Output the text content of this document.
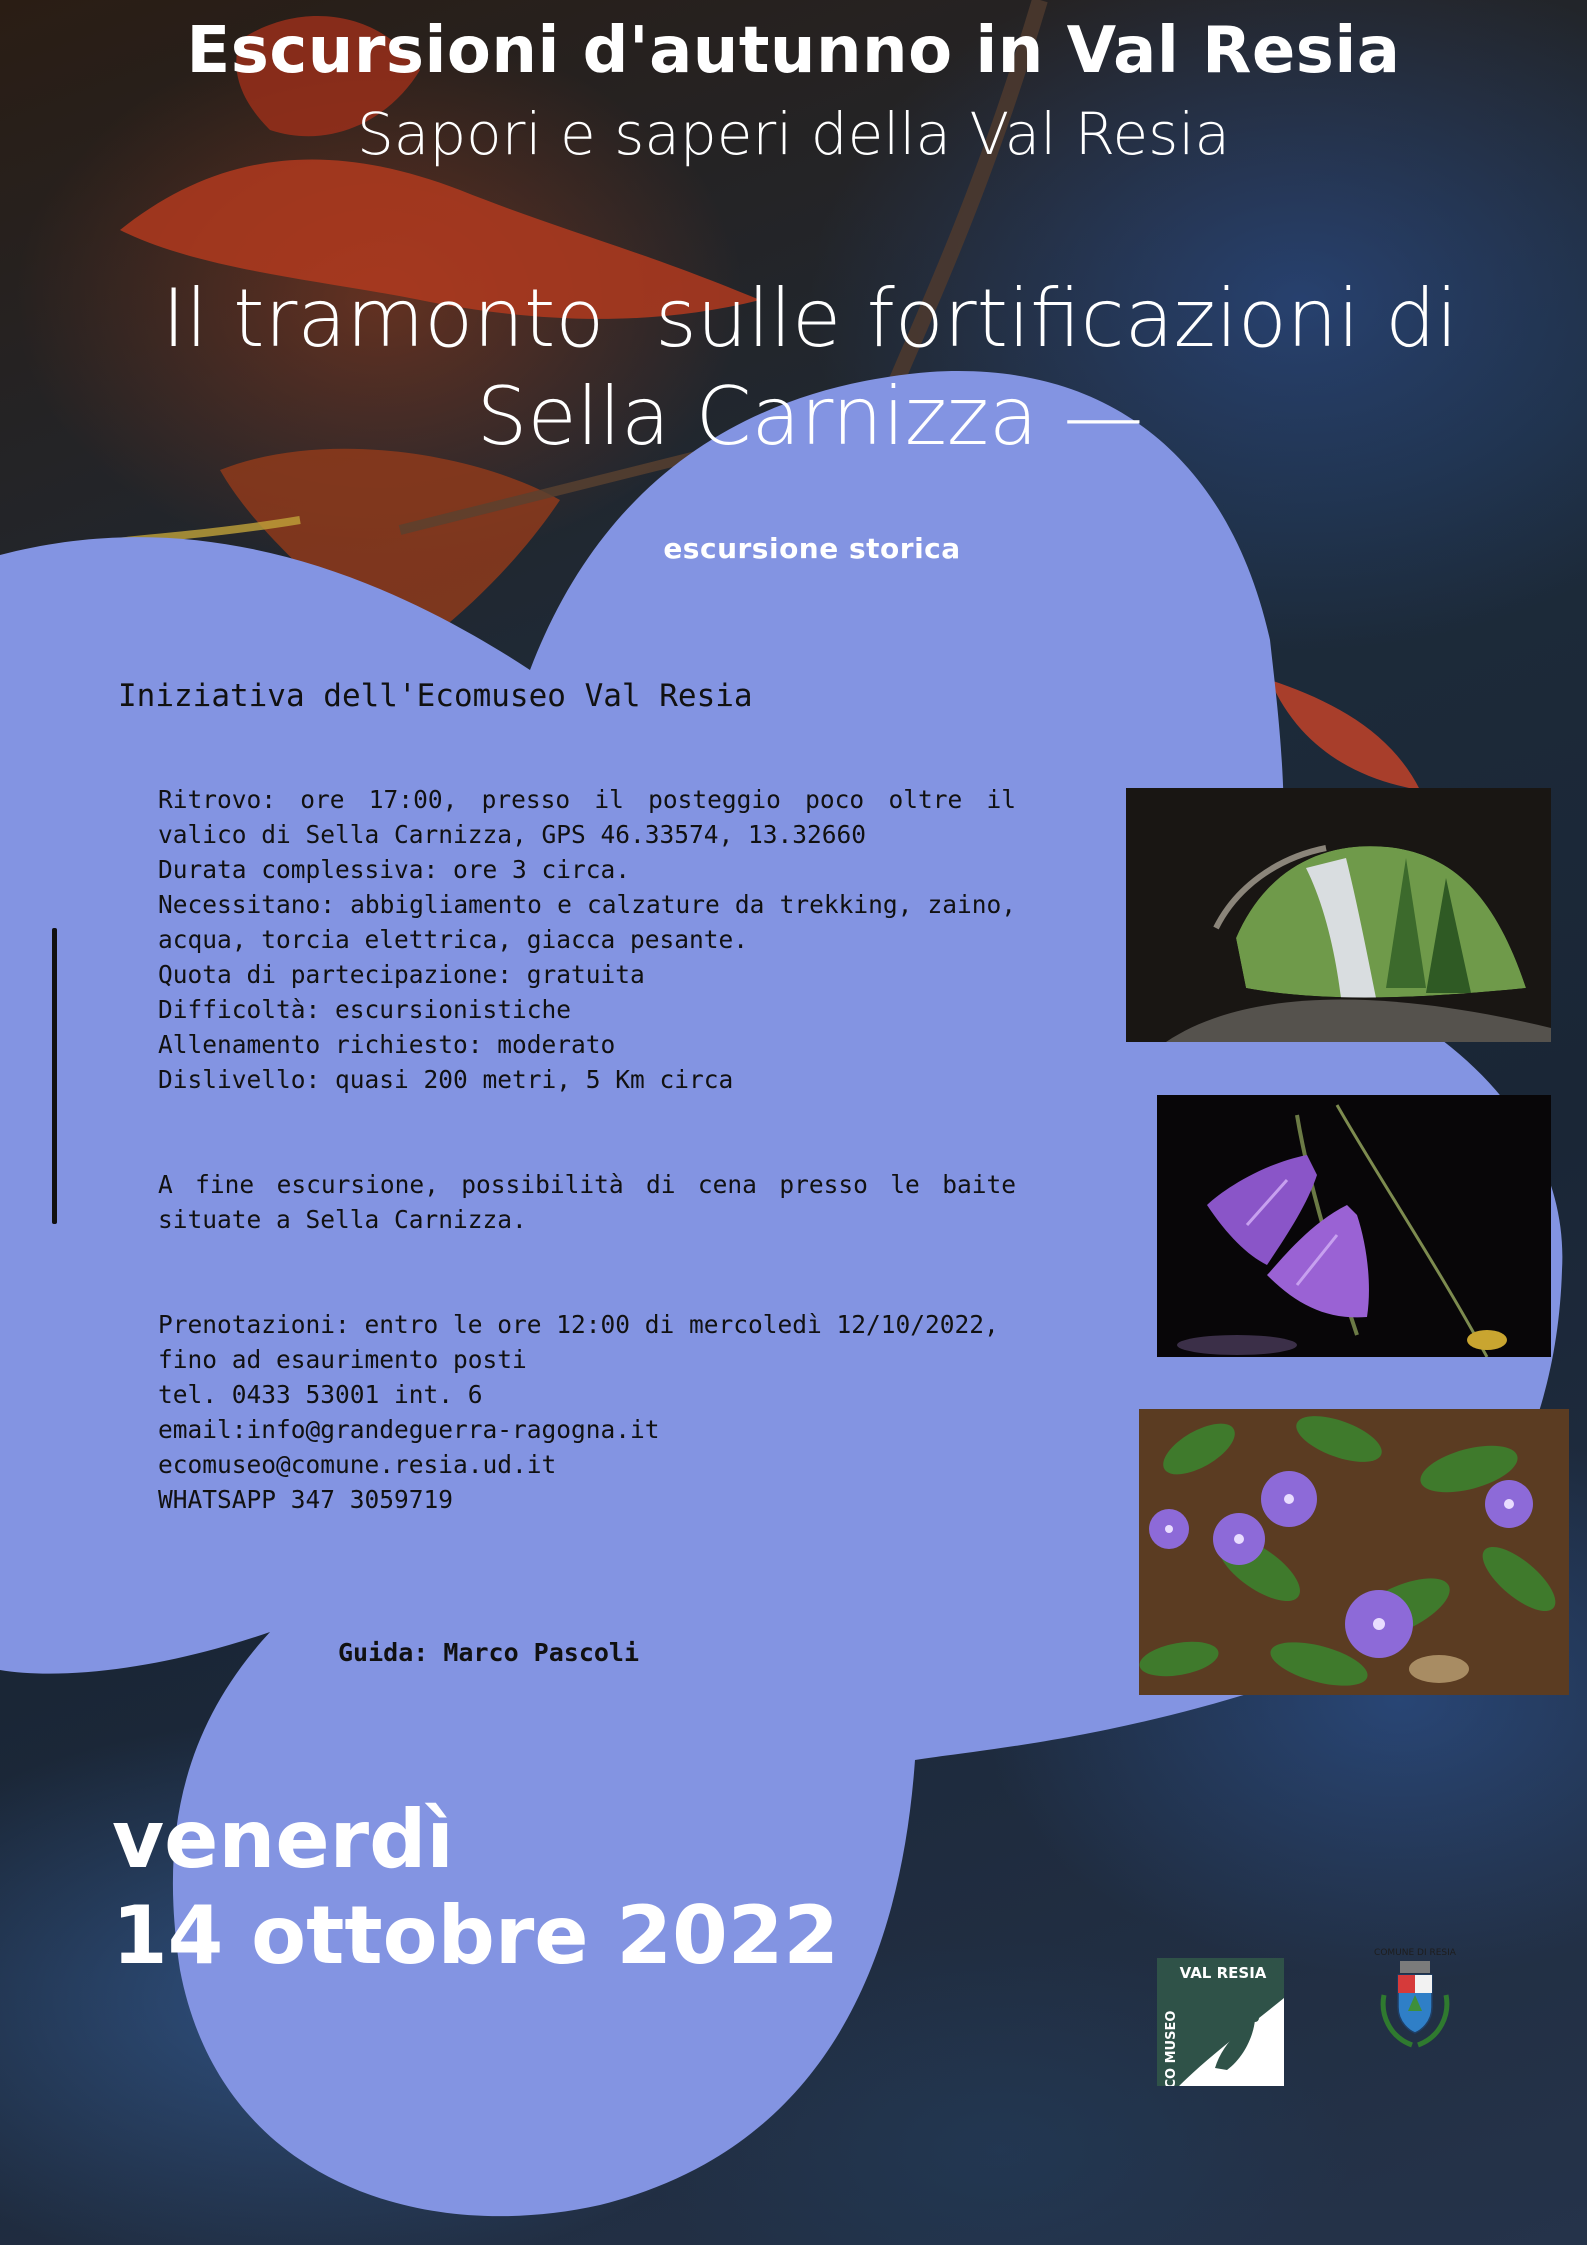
Escursioni d'autunno in Val Resia
Sapori e saperi della Val Resia
Il tramonto  sulle fortificazioni di
Sella Carnizza —
escursione storica
Iniziativa dell'Ecomuseo Val Resia
Ritrovo: ore 17:00, presso il posteggio poco oltre il valico di Sella Carnizza, GPS 46.33574, 13.32660
Durata complessiva: ore 3 circa.
Necessitano: abbigliamento e calzature da trekking, zaino, acqua, torcia elettrica, giacca pesante.
Quota di partecipazione: gratuita
Difficoltà: escursionistiche
Allenamento richiesto: moderato
Dislivello: quasi 200 metri, 5 Km circa
A fine escursione, possibilità di cena presso le baite situate a Sella Carnizza.
Prenotazioni: entro le ore 12:00 di mercoledì 12/10/2022,
fino ad esaurimento posti
tel. 0433 53001 int. 6
email:info@grandeguerra-ragogna.it
ecomuseo@comune.resia.ud.it
WHATSAPP 347 3059719
Guida: Marco Pascoli
venerdì
14 ottobre 2022	VAL RESIA
ECO MUSEO
COMUNE DI RESIA
